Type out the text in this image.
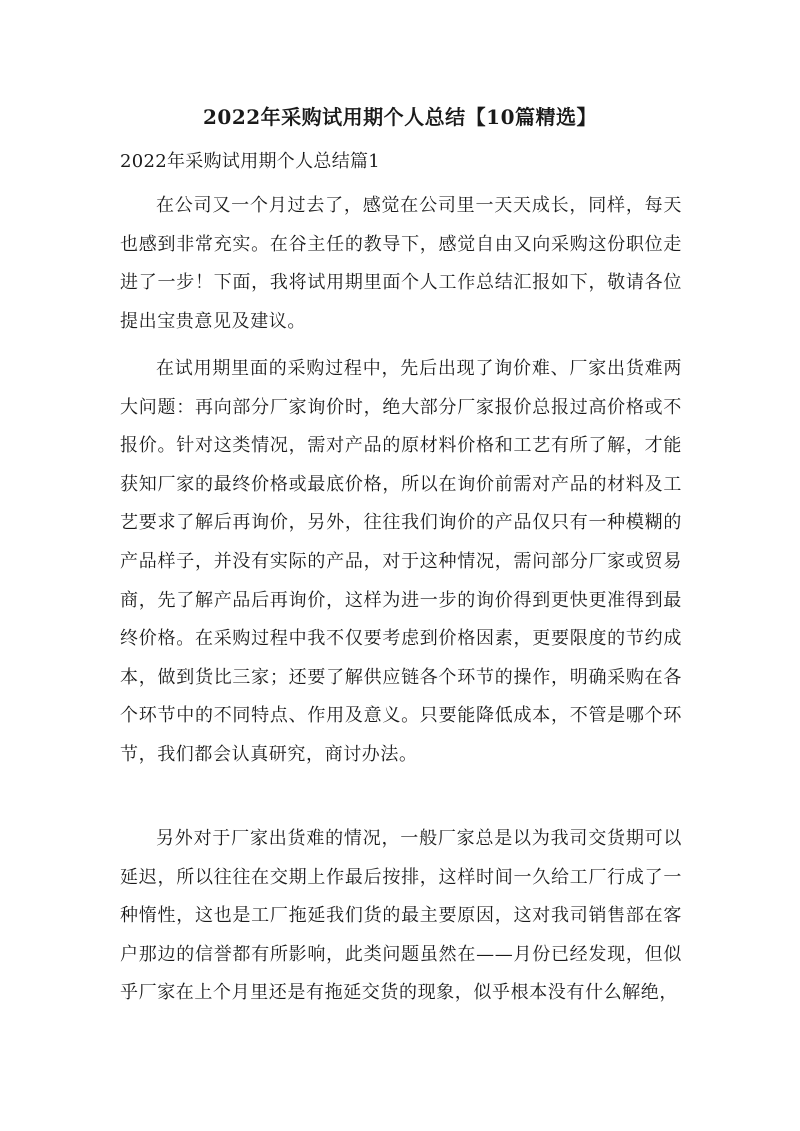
2022年采购试用期个人总结【10篇精选】
2022年采购试用期个人总结篇1

在公司又一个月过去了，感觉在公司里一天天成长，同样，每天也感到非常充实。在谷主任的教导下，感觉自由又向采购这份职位走进了一步！下面，我将试用期里面个人工作总结汇报如下，敬请各位提出宝贵意见及建议。

在试用期里面的采购过程中，先后出现了询价难、厂家出货难两大问题：再向部分厂家询价时，绝大部分厂家报价总报过高价格或不报价。针对这类情况，需对产品的原材料价格和工艺有所了解，才能获知厂家的最终价格或最底价格，所以在询价前需对产品的材料及工艺要求了解后再询价，另外，往往我们询价的产品仅只有一种模糊的产品样子，并没有实际的产品，对于这种情况，需问部分厂家或贸易商，先了解产品后再询价，这样为进一步的询价得到更快更准得到最终价格。在采购过程中我不仅要考虑到价格因素，更要限度的节约成本，做到货比三家；还要了解供应链各个环节的操作，明确采购在各个环节中的不同特点、作用及意义。只要能降低成本，不管是哪个环节，我们都会认真研究，商讨办法。

另外对于厂家出货难的情况，一般厂家总是以为我司交货期可以延迟，所以往往在交期上作最后按排，这样时间一久给工厂行成了一种惰性，这也是工厂拖延我们货的最主要原因，这对我司销售部在客户那边的信誉都有所影响，此类问题虽然在——月份已经发现，但似乎厂家在上个月里还是有拖延交货的现象，似乎根本没有什么解绝，
